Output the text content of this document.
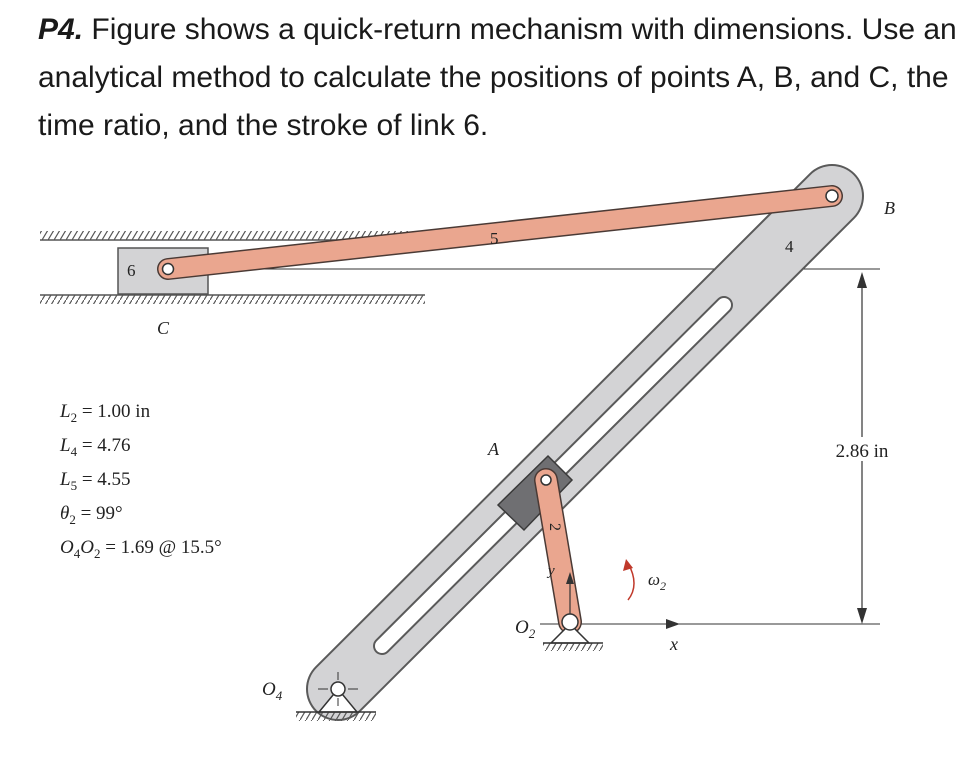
P4. Figure shows a quick-return mechanism with dimensions. Use an analytical method to calculate the positions of points A, B, and C, the time ratio, and the stroke of link 6.

2.86 in
6
5	4
3
2
A
B
C
x
y
$O_2$
$O_4$
$\omega_2$
$L_2 = 1.00$ in
$L_4 = 4.76$
$L_5 = 4.55$
$\theta_2 = 99^\circ$
$O_4O_2 = 1.69$ @ 15.5°
